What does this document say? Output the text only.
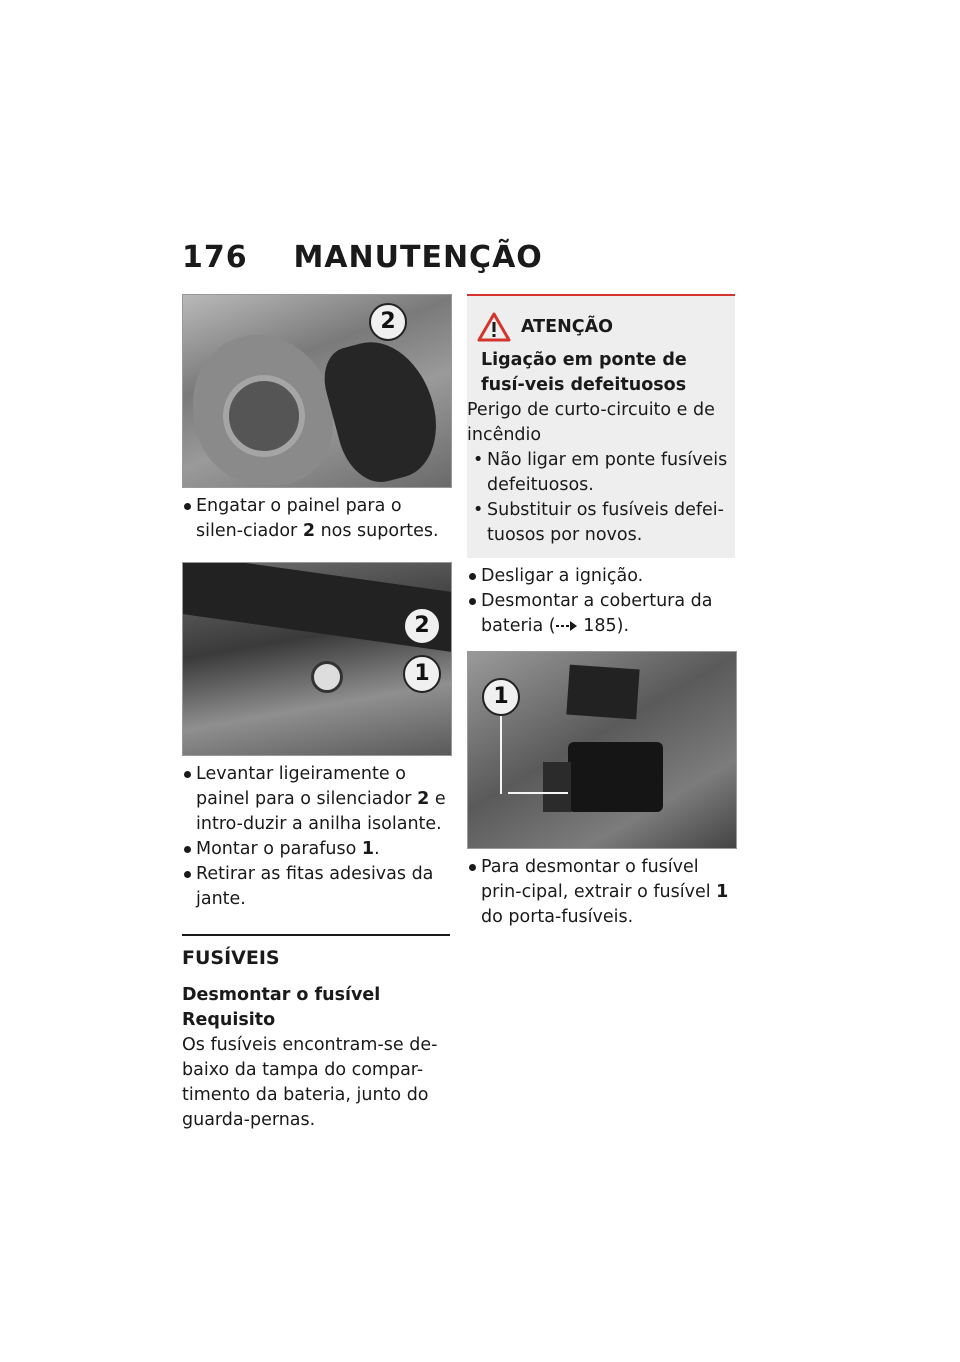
176 MANUTENÇÃO
2
Engatar o painel para o silen-ciador 2 nos suportes.
2
1
Levantar ligeiramente o painel para o silenciador 2 e intro-duzir a anilha isolante.
Montar o parafuso 1.
Retirar as fitas adesivas da jante.
FUSÍVEIS

Desmontar o fusível

Requisito

Os fusíveis encontram-se de-baixo da tampa do compar-timento da bateria, junto do guarda-pernas.

ATENÇÃO
Ligação em ponte de fusí-veis defeituosos
Perigo de curto-circuito e de incêndio
• Não ligar em ponte fusíveis defeituosos.
• Substituir os fusíveis defei-tuosos por novos.
Desligar a ignição.
Desmontar a cobertura da bateria ( 185).
1
Para desmontar o fusível prin-cipal, extrair o fusível 1 do porta-fusíveis.
